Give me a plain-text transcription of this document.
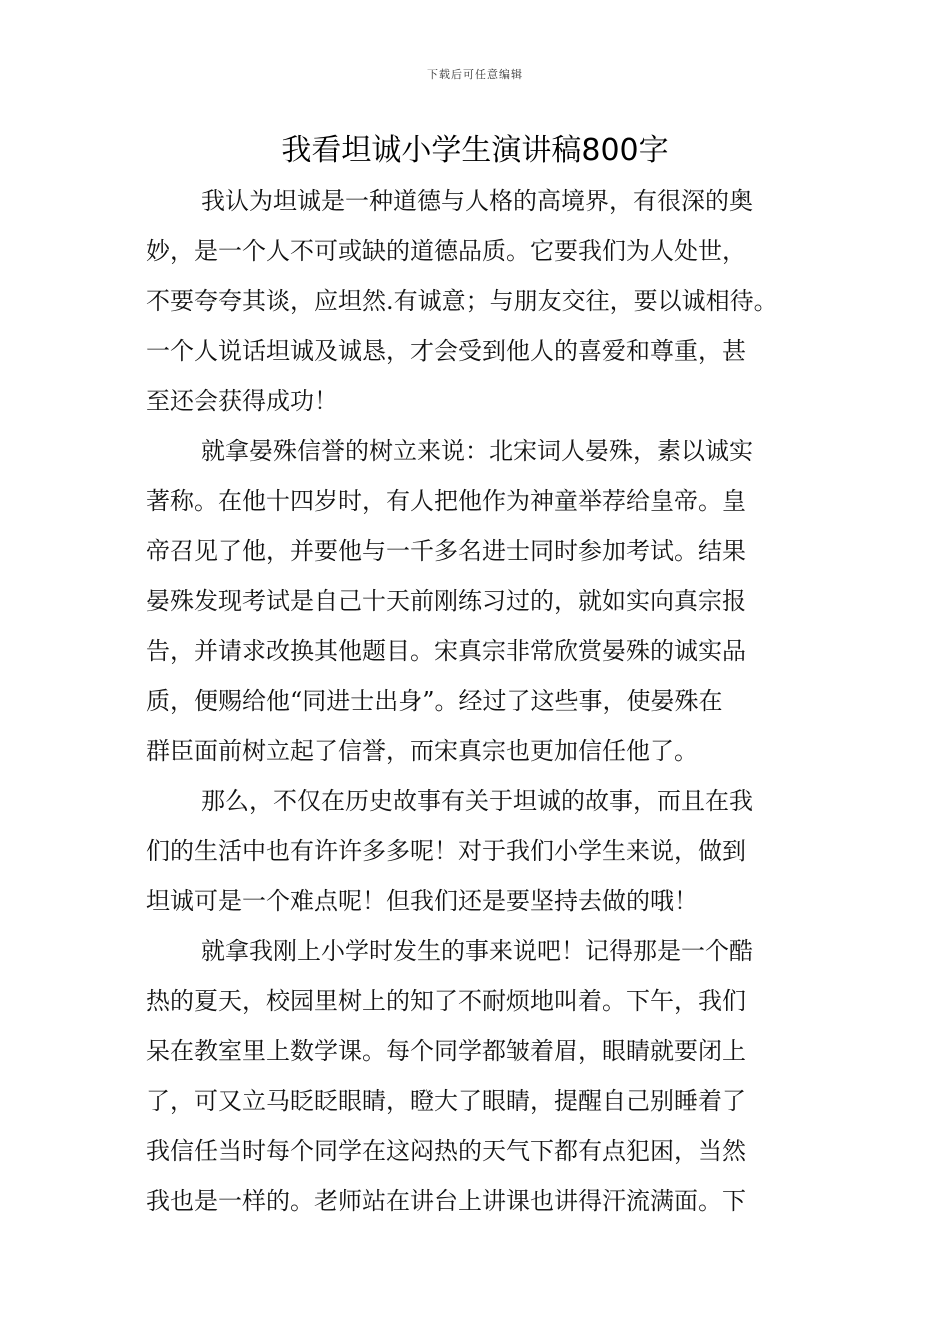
下载后可任意编辑
我看坦诚小学生演讲稿800字
我认为坦诚是一种道德与人格的高境界，有很深的奥
妙，是一个人不可或缺的道德品质。它要我们为人处世，
不要夸夸其谈，应坦然.有诚意；与朋友交往，要以诚相待。
一个人说话坦诚及诚恳，才会受到他人的喜爱和尊重，甚
至还会获得成功！
就拿晏殊信誉的树立来说：北宋词人晏殊，素以诚实
著称。在他十四岁时，有人把他作为神童举荐给皇帝。皇
帝召见了他，并要他与一千多名进士同时参加考试。结果
晏殊发现考试是自己十天前刚练习过的，就如实向真宗报
告，并请求改换其他题目。宋真宗非常欣赏晏殊的诚实品
质，便赐给他“同进士出身”。经过了这些事，使晏殊在
群臣面前树立起了信誉，而宋真宗也更加信任他了。
那么，不仅在历史故事有关于坦诚的故事，而且在我
们的生活中也有许许多多呢！对于我们小学生来说，做到
坦诚可是一个难点呢！但我们还是要坚持去做的哦！
就拿我刚上小学时发生的事来说吧！记得那是一个酷
热的夏天，校园里树上的知了不耐烦地叫着。下午，我们
呆在教室里上数学课。每个同学都皱着眉，眼睛就要闭上
了，可又立马眨眨眼睛，瞪大了眼睛，提醒自己别睡着了
我信任当时每个同学在这闷热的天气下都有点犯困，当然
我也是一样的。老师站在讲台上讲课也讲得汗流满面。下
